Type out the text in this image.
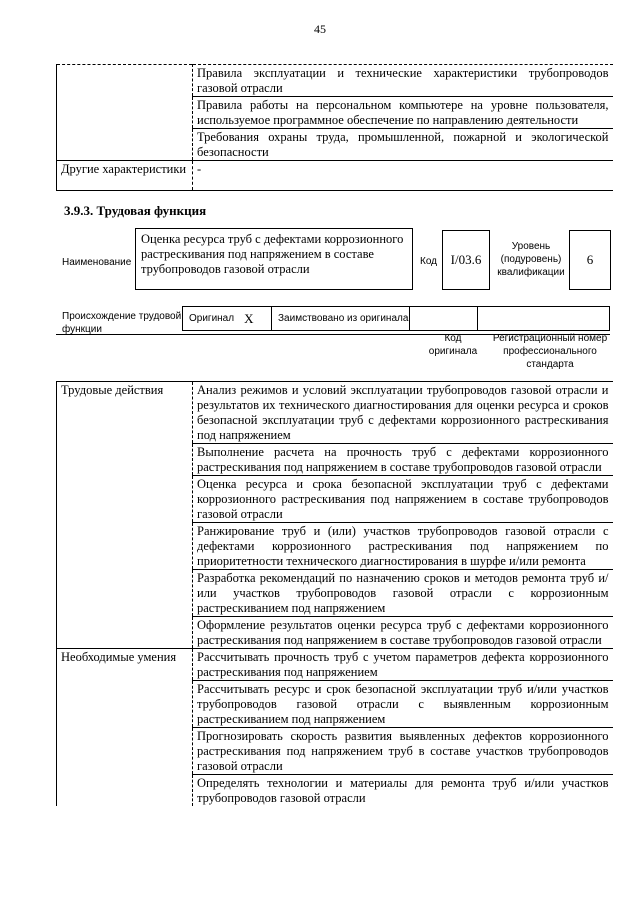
45
	Правила эксплуатации и технические характеристики трубопроводов газовой отрасли
	Правила работы на персональном компьютере на уровне пользователя, используемое программное обеспечение по направлению деятельности
	Требования охраны труда, промышленной, пожарной и экологической безопасности
Другие характеристики	-
3.9.3. Трудовая функция
Наименование
Оценка ресурса труб с дефектами коррозионного растрескивания под напряжением в составе трубопроводов газовой отрасли
Код	I/03.6
Уровень (подуровень) квалификации
6
Происхождение трудовой функции
Оригинал X Заимствовано из оригинала
Код оригинала
Регистрационный номер профессионального стандарта
Трудовые действия	Анализ режимов и условий эксплуатации трубопроводов газовой отрасли и результатов их технического диагностирования для оценки ресурса и сроков безопасной эксплуатации труб с дефектами коррозионного растрескивания под напряжением
	Выполнение расчета на прочность труб с дефектами коррозионного растрескивания под напряжением в составе трубопроводов газовой отрасли
	Оценка ресурса и срока безопасной эксплуатации труб с дефектами коррозионного растрескивания под напряжением в составе трубопроводов газовой отрасли
	Ранжирование труб и (или) участков трубопроводов газовой отрасли с дефектами коррозионного растрескивания под напряжением по приоритетности технического диагностирования в шурфе и/или ремонта
	Разработка рекомендаций по назначению сроков и методов ремонта труб и/или участков трубопроводов газовой отрасли с коррозионным растрескиванием под напряжением
	Оформление результатов оценки ресурса труб с дефектами коррозионного растрескивания под напряжением в составе трубопроводов газовой отрасли
Необходимые умения	Рассчитывать прочность труб с учетом параметров дефекта коррозионного растрескивания под напряжением
	Рассчитывать ресурс и срок безопасной эксплуатации труб и/или участков трубопроводов газовой отрасли с выявленным коррозионным растрескиванием под напряжением
	Прогнозировать скорость развития выявленных дефектов коррозионного растрескивания под напряжением труб в составе участков трубопроводов газовой отрасли
	Определять технологии и материалы для ремонта труб и/или участков трубопроводов газовой отрасли
